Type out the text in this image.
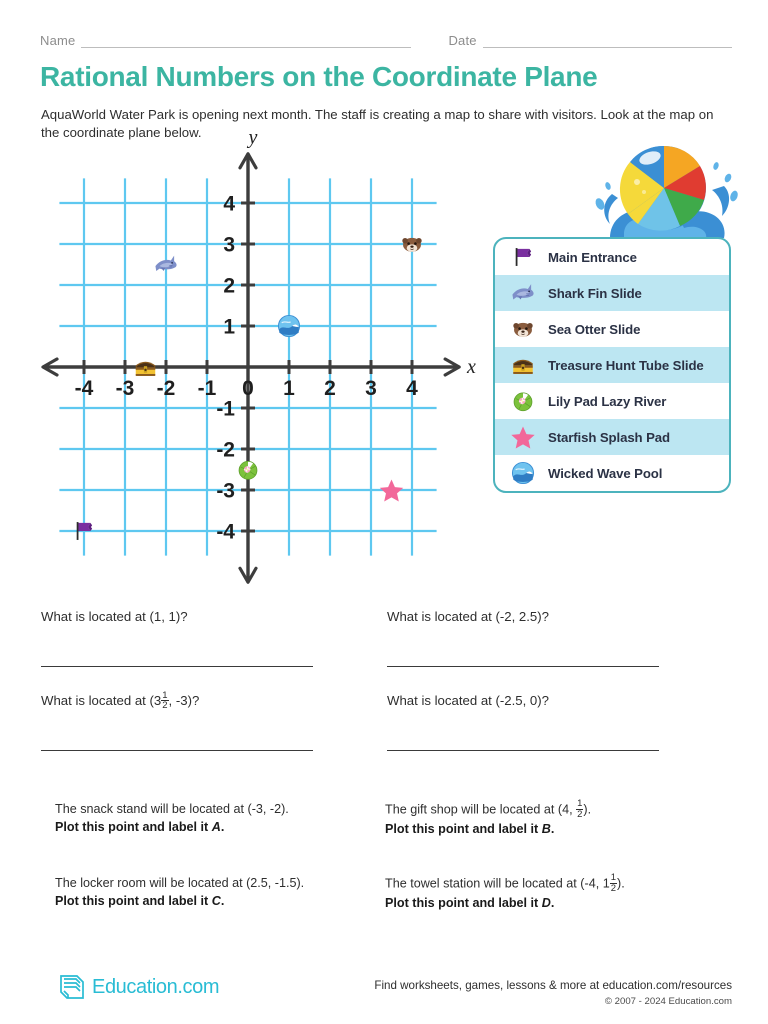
Name	Date
Rational Numbers on the Coordinate Plane
AquaWorld Water Park is opening next month. The staff is creating a map to share with visitors. Look at the map on the coordinate plane below.
-4 -3 -2 -1 0 1 2 3 4
4
3
2
1
-1
-2
-3
-4
x
y
Main Entrance
Shark Fin Slide
Sea Otter Slide
Treasure Hunt Tube Slide
Lily Pad Lazy River
Starfish Splash Pad
Wicked Wave Pool
What is located at (1, 1)?	What is located at (-2, 2.5)?
What is located at ($3 \frac{1}{2}$ , -3)?	What is located at (-2.5, 0)?
The snack stand will be located at (-3, -2).
Plot this point and label it A.
The gift shop will be located at (4, $\frac{1}{2}$ ).
Plot this point and label it B.
The locker room will be located at (2.5, -1.5).
Plot this point and label it C.
The towel station will be located at (-4, $1 \frac{1}{2}$ ).
Plot this point and label it D.
Education.com	Find worksheets, games, lessons & more at education.com/resources
© 2007 - 2024 Education.com
